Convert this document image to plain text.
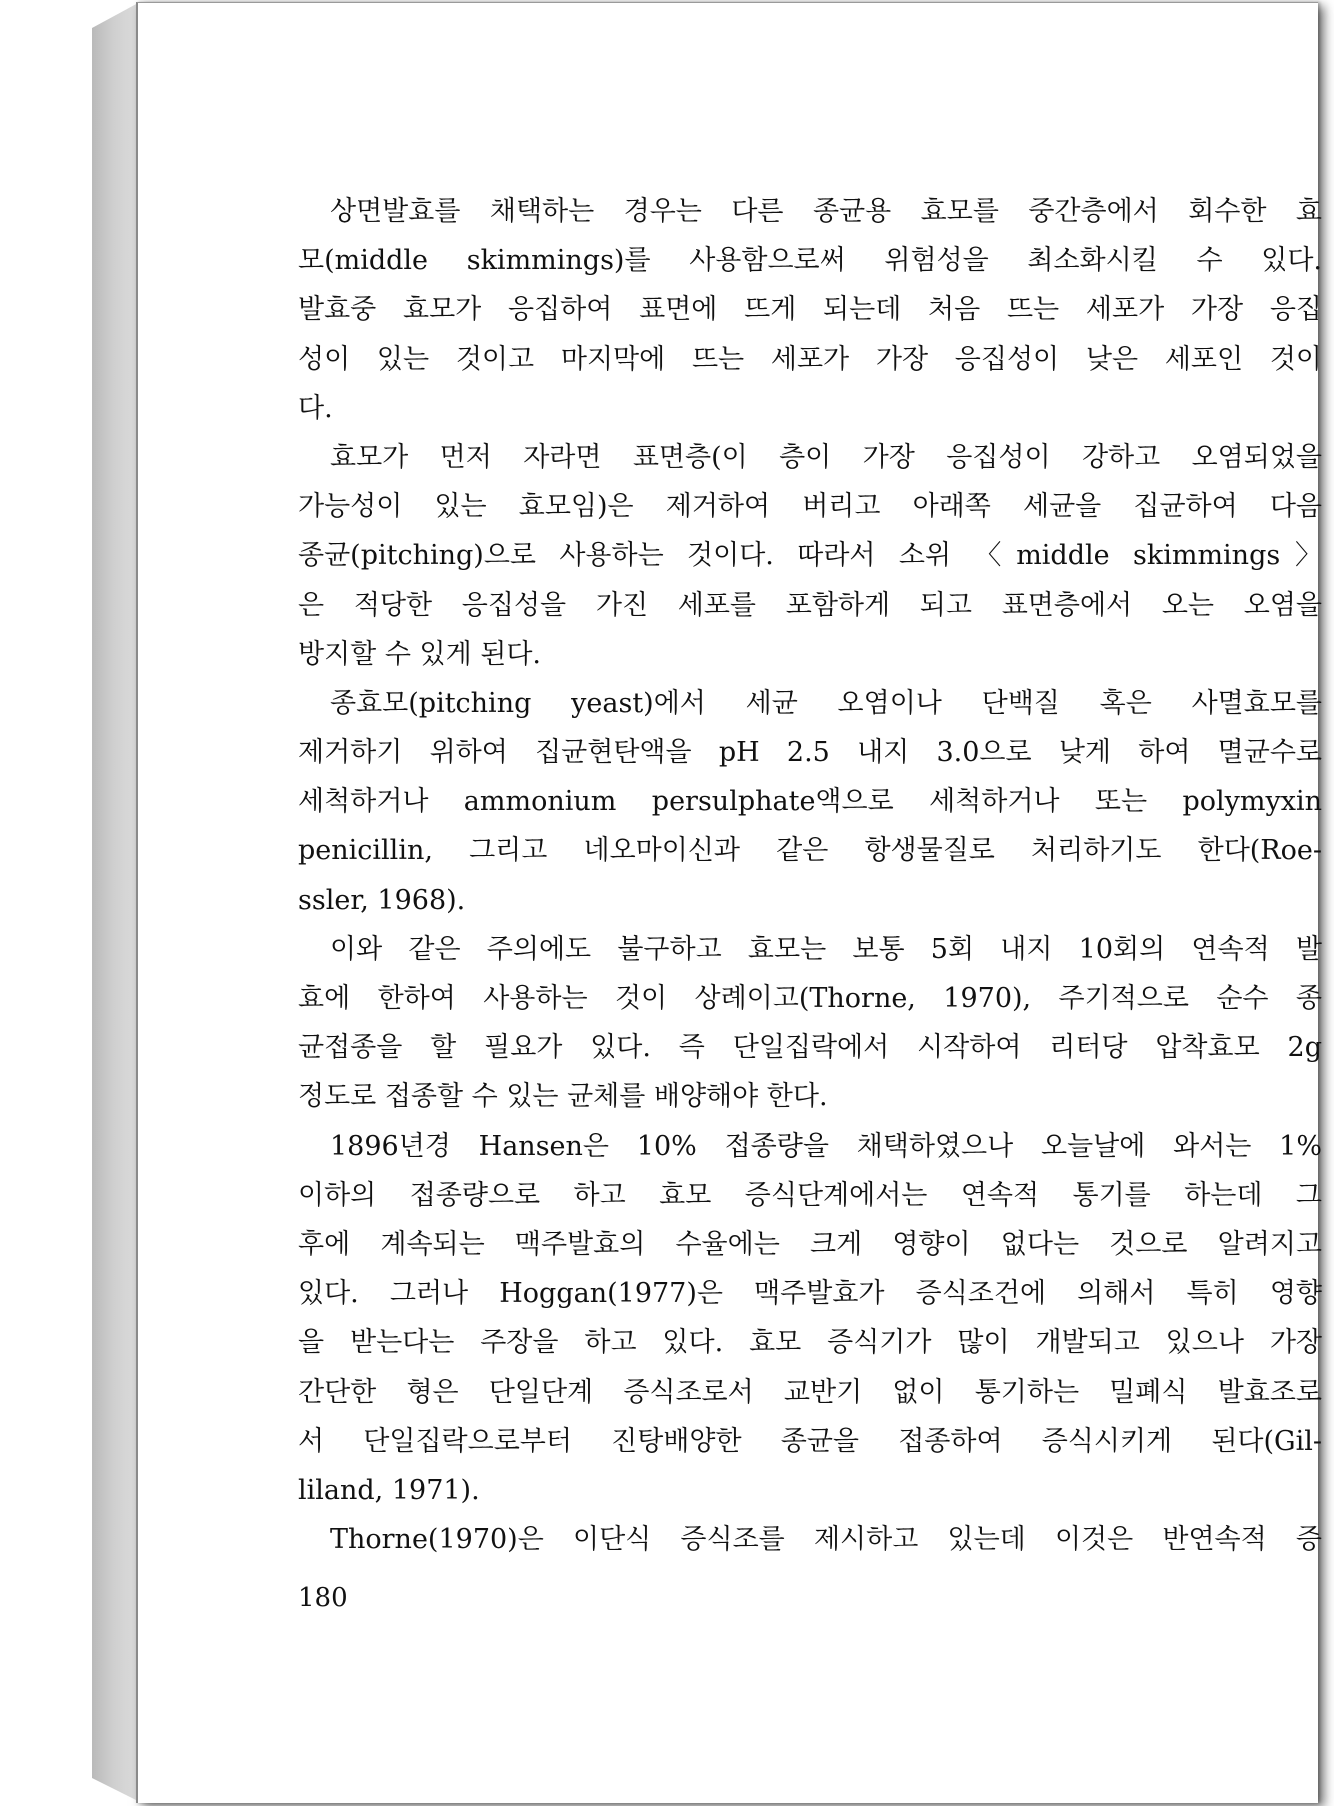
상면발효를 채택하는 경우는 다른 종균용 효모를 중간층에서 회수한 효
모(middle skimmings)를 사용함으로써 위험성을 최소화시킬 수 있다.
발효중 효모가 응집하여 표면에 뜨게 되는데 처음 뜨는 세포가 가장 응집
성이 있는 것이고 마지막에 뜨는 세포가 가장 응집성이 낮은 세포인 것이
다.

효모가 먼저 자라면 표면층(이 층이 가장 응집성이 강하고 오염되었을
가능성이 있는 효모임)은 제거하여 버리고 아래쪽 세균을 집균하여 다음
종균(pitching)으로 사용하는 것이다. 따라서 소위 〈middle skimmings〉
은 적당한 응집성을 가진 세포를 포함하게 되고 표면층에서 오는 오염을
방지할 수 있게 된다.

종효모(pitching yeast)에서 세균 오염이나 단백질 혹은 사멸효모를
제거하기 위하여 집균현탄액을 pH 2.5 내지 3.0으로 낮게 하여 멸균수로
세척하거나 ammonium persulphate액으로 세척하거나 또는 polymyxin
penicillin, 그리고 네오마이신과 같은 항생물질로 처리하기도 한다(Roe-
ssler, 1968).

이와 같은 주의에도 불구하고 효모는 보통 5회 내지 10회의 연속적 발
효에 한하여 사용하는 것이 상례이고(Thorne, 1970), 주기적으로 순수 종
균접종을 할 필요가 있다. 즉 단일집락에서 시작하여 리터당 압착효모 2g
정도로 접종할 수 있는 균체를 배양해야 한다.

1896년경 Hansen은 10% 접종량을 채택하였으나 오늘날에 와서는 1%
이하의 접종량으로 하고 효모 증식단계에서는 연속적 통기를 하는데 그
후에 계속되는 맥주발효의 수율에는 크게 영향이 없다는 것으로 알려지고
있다. 그러나 Hoggan(1977)은 맥주발효가 증식조건에 의해서 특히 영향
을 받는다는 주장을 하고 있다. 효모 증식기가 많이 개발되고 있으나 가장
간단한 형은 단일단계 증식조로서 교반기 없이 통기하는 밀폐식 발효조로
서 단일집락으로부터 진탕배양한 종균을 접종하여 증식시키게 된다(Gil-
liland, 1971).

Thorne(1970)은 이단식 증식조를 제시하고 있는데 이것은 반연속적 증

180
